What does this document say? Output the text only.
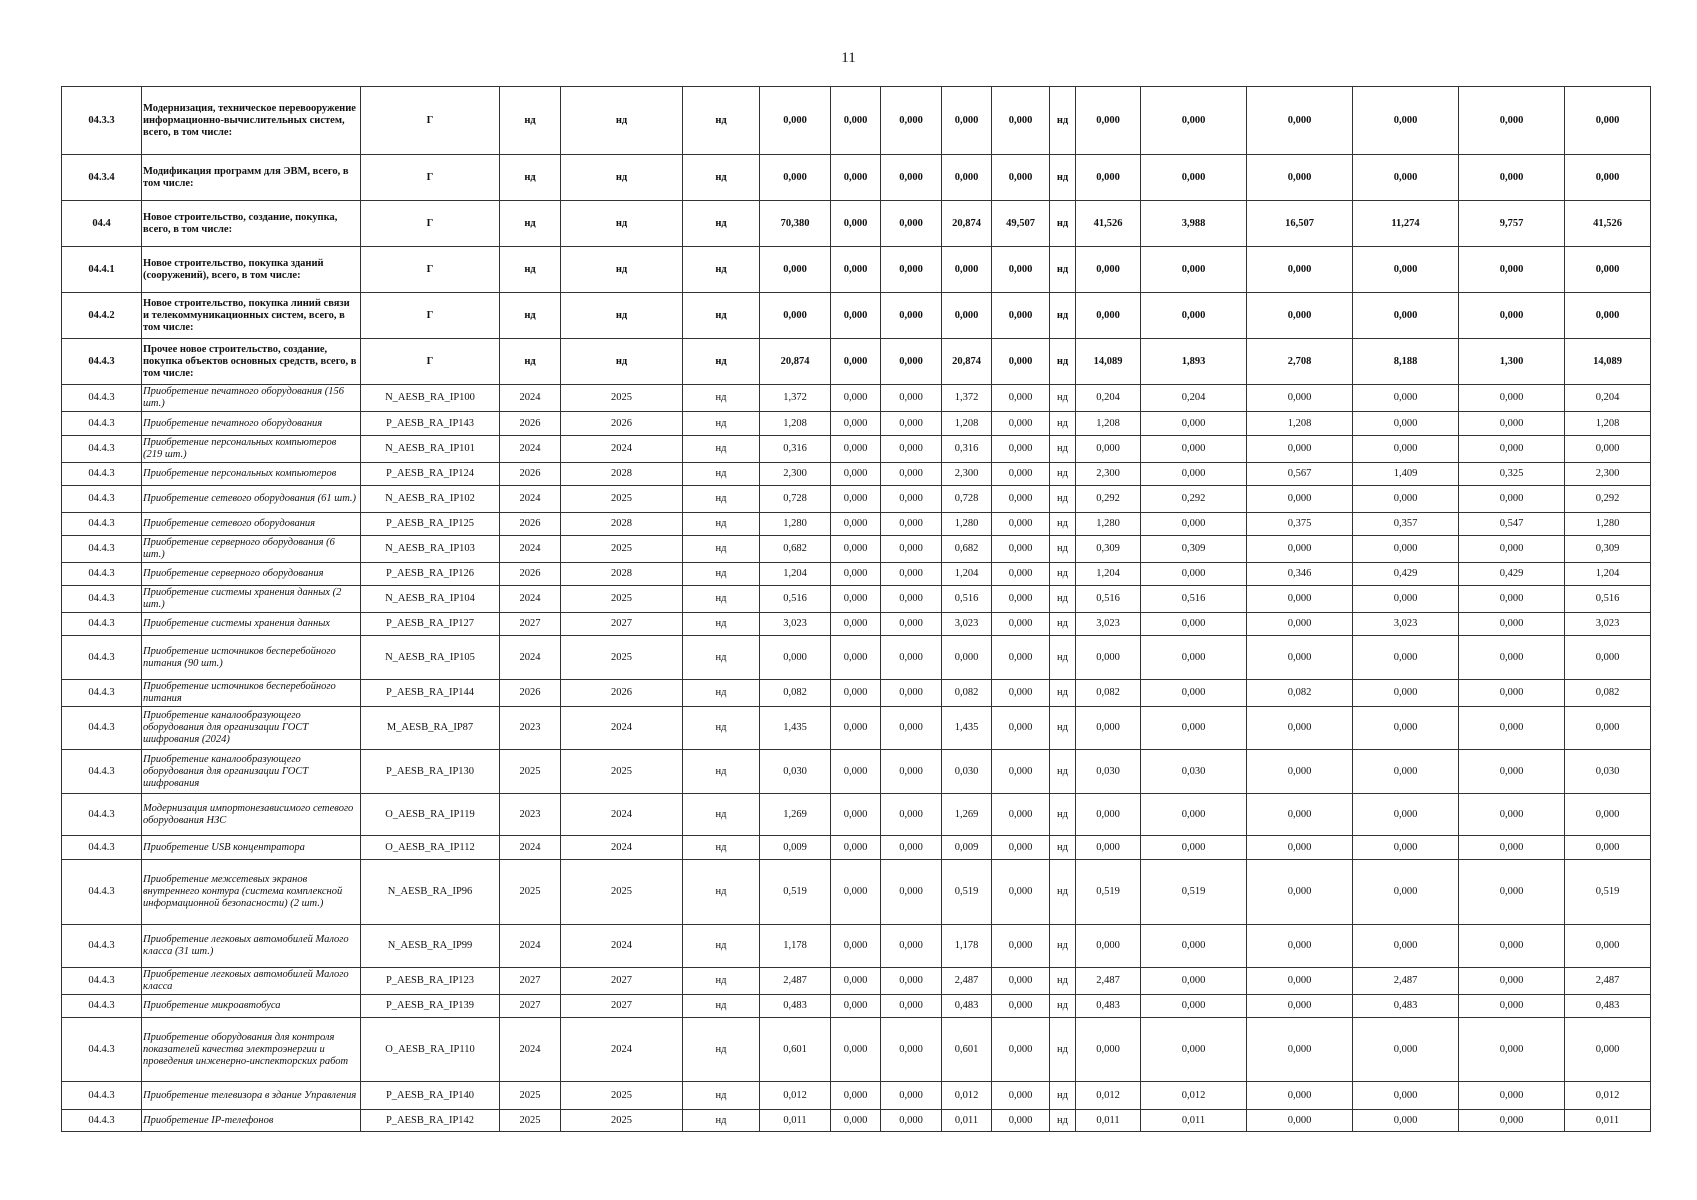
11
04.3.3	Модернизация, техническое перевооружение информационно-вычислительных систем, всего, в том числе:	Г	нд	нд	нд	0,000	0,000	0,000	0,000	0,000	нд	0,000	0,000	0,000	0,000	0,000	0,000
04.3.4	Модификация программ для ЭВМ, всего, в том числе:	Г	нд	нд	нд	0,000	0,000	0,000	0,000	0,000	нд	0,000	0,000	0,000	0,000	0,000	0,000
04.4	Новое строительство, создание, покупка, всего, в том числе:	Г	нд	нд	нд	70,380	0,000	0,000	20,874	49,507	нд	41,526	3,988	16,507	11,274	9,757	41,526
04.4.1	Новое строительство, покупка зданий (сооружений), всего, в том числе:	Г	нд	нд	нд	0,000	0,000	0,000	0,000	0,000	нд	0,000	0,000	0,000	0,000	0,000	0,000
04.4.2	Новое строительство, покупка линий связи и телекоммуникационных систем, всего, в том числе:	Г	нд	нд	нд	0,000	0,000	0,000	0,000	0,000	нд	0,000	0,000	0,000	0,000	0,000	0,000
04.4.3	Прочее новое строительство, создание, покупка объектов основных средств, всего, в том числе:	Г	нд	нд	нд	20,874	0,000	0,000	20,874	0,000	нд	14,089	1,893	2,708	8,188	1,300	14,089
04.4.3	Приобретение печатного оборудования (156 шт.)	N_AESB_RA_IP100	2024	2025	нд	1,372	0,000	0,000	1,372	0,000	нд	0,204	0,204	0,000	0,000	0,000	0,204
04.4.3	Приобретение печатного оборудования	P_AESB_RA_IP143	2026	2026	нд	1,208	0,000	0,000	1,208	0,000	нд	1,208	0,000	1,208	0,000	0,000	1,208
04.4.3	Приобретение персональных компьютеров (219 шт.)	N_AESB_RA_IP101	2024	2024	нд	0,316	0,000	0,000	0,316	0,000	нд	0,000	0,000	0,000	0,000	0,000	0,000
04.4.3	Приобретение персональных компьютеров	P_AESB_RA_IP124	2026	2028	нд	2,300	0,000	0,000	2,300	0,000	нд	2,300	0,000	0,567	1,409	0,325	2,300
04.4.3	Приобретение сетевого оборудования (61 шт.)	N_AESB_RA_IP102	2024	2025	нд	0,728	0,000	0,000	0,728	0,000	нд	0,292	0,292	0,000	0,000	0,000	0,292
04.4.3	Приобретение сетевого оборудования	P_AESB_RA_IP125	2026	2028	нд	1,280	0,000	0,000	1,280	0,000	нд	1,280	0,000	0,375	0,357	0,547	1,280
04.4.3	Приобретение серверного оборудования (6 шт.)	N_AESB_RA_IP103	2024	2025	нд	0,682	0,000	0,000	0,682	0,000	нд	0,309	0,309	0,000	0,000	0,000	0,309
04.4.3	Приобретение серверного оборудования	P_AESB_RA_IP126	2026	2028	нд	1,204	0,000	0,000	1,204	0,000	нд	1,204	0,000	0,346	0,429	0,429	1,204
04.4.3	Приобретение системы хранения данных (2 шт.)	N_AESB_RA_IP104	2024	2025	нд	0,516	0,000	0,000	0,516	0,000	нд	0,516	0,516	0,000	0,000	0,000	0,516
04.4.3	Приобретение системы хранения данных	P_AESB_RA_IP127	2027	2027	нд	3,023	0,000	0,000	3,023	0,000	нд	3,023	0,000	0,000	3,023	0,000	3,023
04.4.3	Приобретение источников бесперебойного питания (90 шт.)	N_AESB_RA_IP105	2024	2025	нд	0,000	0,000	0,000	0,000	0,000	нд	0,000	0,000	0,000	0,000	0,000	0,000
04.4.3	Приобретение источников бесперебойного питания	P_AESB_RA_IP144	2026	2026	нд	0,082	0,000	0,000	0,082	0,000	нд	0,082	0,000	0,082	0,000	0,000	0,082
04.4.3	Приобретение каналообразующего оборудования для организации ГОСТ шифрования (2024)	M_AESB_RA_IP87	2023	2024	нд	1,435	0,000	0,000	1,435	0,000	нд	0,000	0,000	0,000	0,000	0,000	0,000
04.4.3	Приобретение каналообразующего оборудования для организации ГОСТ шифрования	P_AESB_RA_IP130	2025	2025	нд	0,030	0,000	0,000	0,030	0,000	нд	0,030	0,030	0,000	0,000	0,000	0,030
04.4.3	Модернизация импортонезависимого сетевого оборудования НЗС	O_AESB_RA_IP119	2023	2024	нд	1,269	0,000	0,000	1,269	0,000	нд	0,000	0,000	0,000	0,000	0,000	0,000
04.4.3	Приобретение USB концентратора	O_AESB_RA_IP112	2024	2024	нд	0,009	0,000	0,000	0,009	0,000	нд	0,000	0,000	0,000	0,000	0,000	0,000
04.4.3	Приобретение межсетевых экранов внутреннего контура (система комплексной информационной безопасности) (2 шт.)	N_AESB_RA_IP96	2025	2025	нд	0,519	0,000	0,000	0,519	0,000	нд	0,519	0,519	0,000	0,000	0,000	0,519
04.4.3	Приобретение легковых автомобилей Малого класса (31 шт.)	N_AESB_RA_IP99	2024	2024	нд	1,178	0,000	0,000	1,178	0,000	нд	0,000	0,000	0,000	0,000	0,000	0,000
04.4.3	Приобретение легковых автомобилей Малого класса	P_AESB_RA_IP123	2027	2027	нд	2,487	0,000	0,000	2,487	0,000	нд	2,487	0,000	0,000	2,487	0,000	2,487
04.4.3	Приобретение микроавтобуса	P_AESB_RA_IP139	2027	2027	нд	0,483	0,000	0,000	0,483	0,000	нд	0,483	0,000	0,000	0,483	0,000	0,483
04.4.3	Приобретение оборудования для контроля показателей качества электроэнергии и проведения инженерно-инспекторских работ	O_AESB_RA_IP110	2024	2024	нд	0,601	0,000	0,000	0,601	0,000	нд	0,000	0,000	0,000	0,000	0,000	0,000
04.4.3	Приобретение телевизора в здание Управления	P_AESB_RA_IP140	2025	2025	нд	0,012	0,000	0,000	0,012	0,000	нд	0,012	0,012	0,000	0,000	0,000	0,012
04.4.3	Приобретение IP-телефонов	P_AESB_RA_IP142	2025	2025	нд	0,011	0,000	0,000	0,011	0,000	нд	0,011	0,011	0,000	0,000	0,000	0,011
